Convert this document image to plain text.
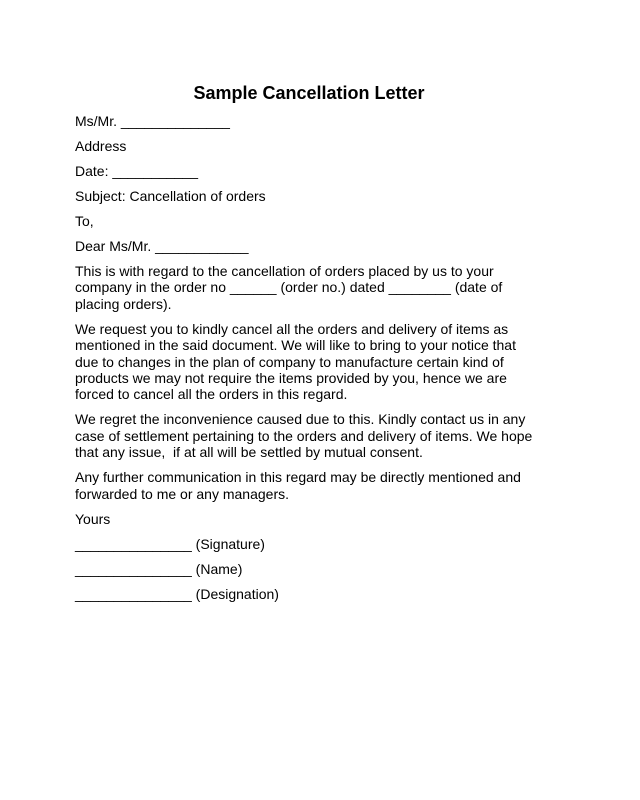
Sample Cancellation Letter
Ms/Mr. ______________
Address
Date: ___________
Subject: Cancellation of orders
To,
Dear Ms/Mr. ____________
This is with regard to the cancellation of orders placed by us to your
company in the order no ______ (order no.) dated ________ (date of
placing orders).
We request you to kindly cancel all the orders and delivery of items as
mentioned in the said document. We will like to bring to your notice that
due to changes in the plan of company to manufacture certain kind of
products we may not require the items provided by you, hence we are
forced to cancel all the orders in this regard.
We regret the inconvenience caused due to this. Kindly contact us in any
case of settlement pertaining to the orders and delivery of items. We hope
that any issue,  if at all will be settled by mutual consent.
Any further communication in this regard may be directly mentioned and
forwarded to me or any managers.
Yours
_______________ (Signature)
_______________ (Name)
_______________ (Designation)
